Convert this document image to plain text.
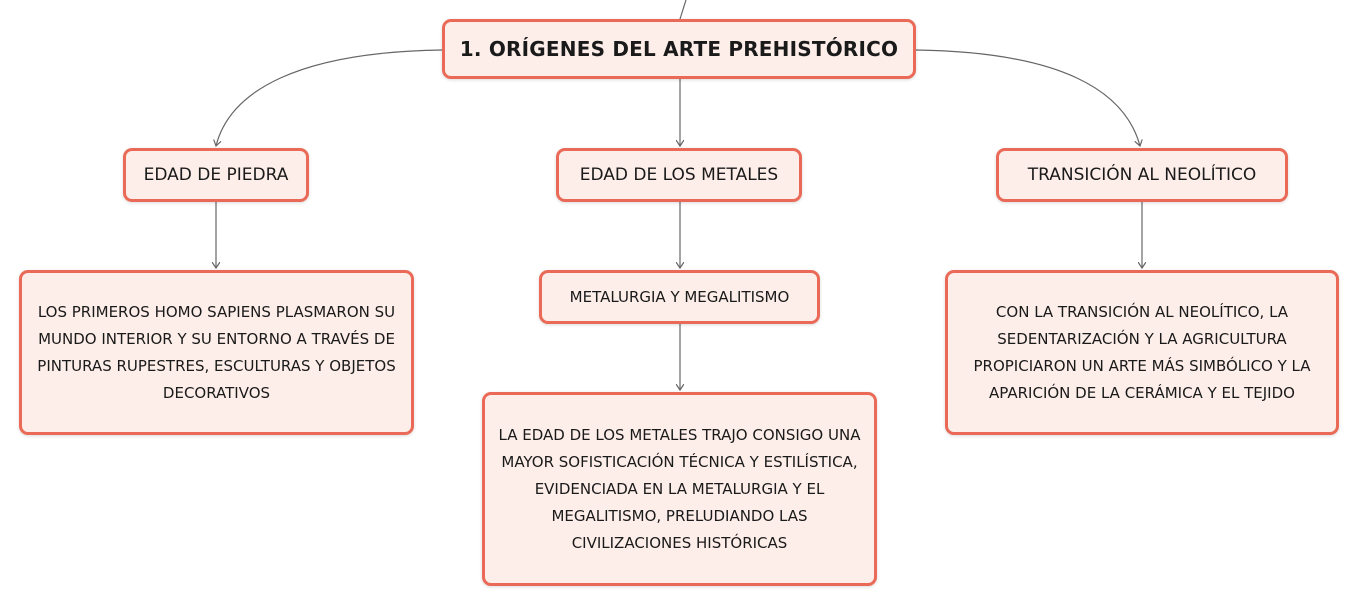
1. ORÍGENES DEL ARTE PREHISTÓRICO
EDAD DE PIEDRA	EDAD DE LOS METALES	TRANSICIÓN AL NEOLÍTICO
METALURGIA Y MEGALITISMO
LOS PRIMEROS HOMO SAPIENS PLASMARON SU MUNDO INTERIOR Y SU ENTORNO A TRAVÉS DE PINTURAS RUPESTRES, ESCULTURAS Y OBJETOS DECORATIVOS
LA EDAD DE LOS METALES TRAJO CONSIGO UNA MAYOR SOFISTICACIÓN TÉCNICA Y ESTILÍSTICA, EVIDENCIADA EN LA METALURGIA Y EL MEGALITISMO, PRELUDIANDO LAS CIVILIZACIONES HISTÓRICAS
CON LA TRANSICIÓN AL NEOLÍTICO, LA SEDENTARIZACIÓN Y LA AGRICULTURA PROPICIARON UN ARTE MÁS SIMBÓLICO Y LA APARICIÓN DE LA CERÁMICA Y EL TEJIDO
